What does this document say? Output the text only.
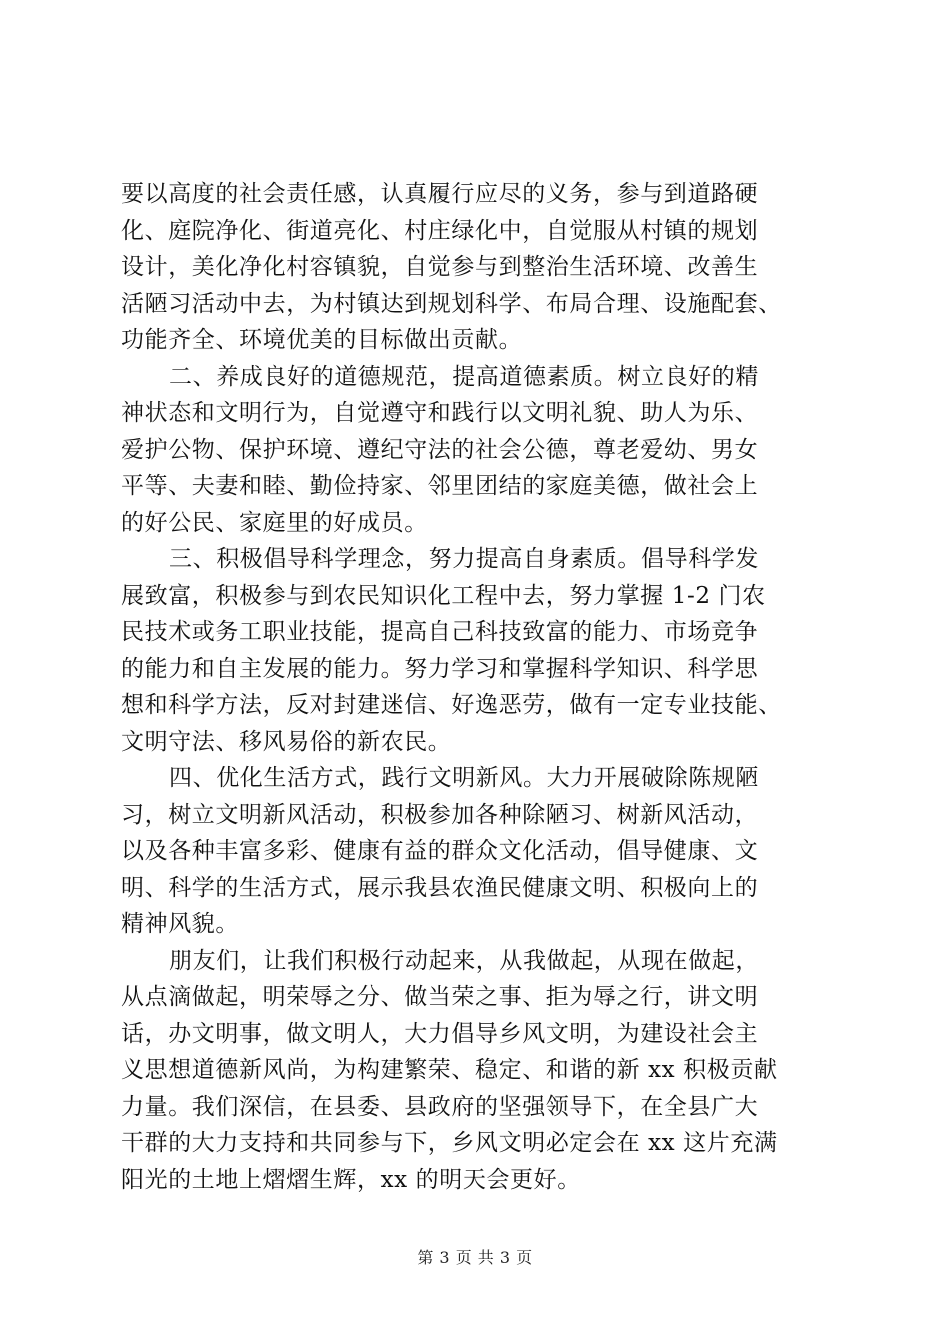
要以高度的社会责任感，认真履行应尽的义务，参与到道路硬
化、庭院净化、街道亮化、村庄绿化中，自觉服从村镇的规划
设计，美化净化村容镇貌，自觉参与到整治生活环境、改善生
活陋习活动中去，为村镇达到规划科学、布局合理、设施配套、
功能齐全、环境优美的目标做出贡献。
二、养成良好的道德规范，提高道德素质。树立良好的精
神状态和文明行为，自觉遵守和践行以文明礼貌、助人为乐、
爱护公物、保护环境、遵纪守法的社会公德，尊老爱幼、男女
平等、夫妻和睦、勤俭持家、邻里团结的家庭美德，做社会上
的好公民、家庭里的好成员。
三、积极倡导科学理念，努力提高自身素质。倡导科学发
展致富，积极参与到农民知识化工程中去，努力掌握 1-2 门农
民技术或务工职业技能，提高自己科技致富的能力、市场竞争
的能力和自主发展的能力。努力学习和掌握科学知识、科学思
想和科学方法，反对封建迷信、好逸恶劳，做有一定专业技能、
文明守法、移风易俗的新农民。
四、优化生活方式，践行文明新风。大力开展破除陈规陋
习，树立文明新风活动，积极参加各种除陋习、树新风活动，
以及各种丰富多彩、健康有益的群众文化活动，倡导健康、文
明、科学的生活方式，展示我县农渔民健康文明、积极向上的
精神风貌。
朋友们，让我们积极行动起来，从我做起，从现在做起，
从点滴做起，明荣辱之分、做当荣之事、拒为辱之行，讲文明
话，办文明事，做文明人，大力倡导乡风文明，为建设社会主
义思想道德新风尚，为构建繁荣、稳定、和谐的新 xx 积极贡献
力量。我们深信，在县委、县政府的坚强领导下，在全县广大
干群的大力支持和共同参与下，乡风文明必定会在 xx 这片充满
阳光的土地上熠熠生辉，xx 的明天会更好。
第 3 页 共 3 页
